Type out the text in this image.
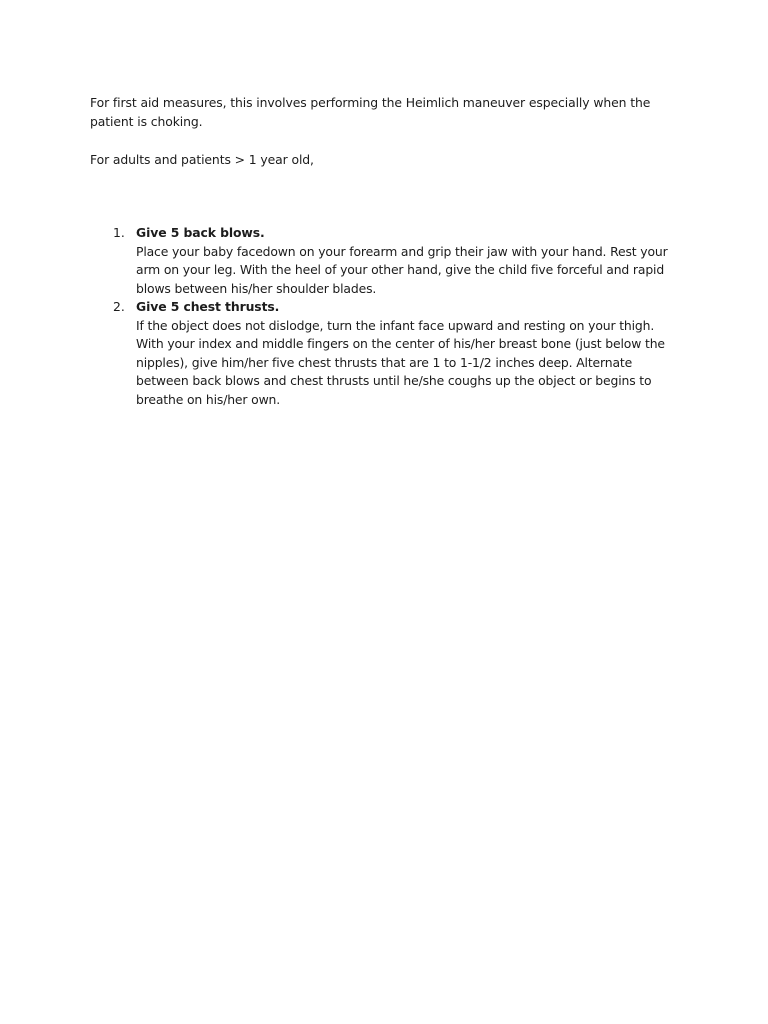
For first aid measures, this involves performing the Heimlich maneuver especially when the patient is choking.

For adults and patients > 1 year old,

1. Give 5 back blows.
Place your baby facedown on your forearm and grip their jaw with your hand. Rest your arm on your leg. With the heel of your other hand, give the child five forceful and rapid blows between his/her shoulder blades.
2. Give 5 chest thrusts.
If the object does not dislodge, turn the infant face upward and resting on your thigh. With your index and middle fingers on the center of his/her breast bone (just below the nipples), give him/her five chest thrusts that are 1 to 1-1/2 inches deep. Alternate between back blows and chest thrusts until he/she coughs up the object or begins to breathe on his/her own.
